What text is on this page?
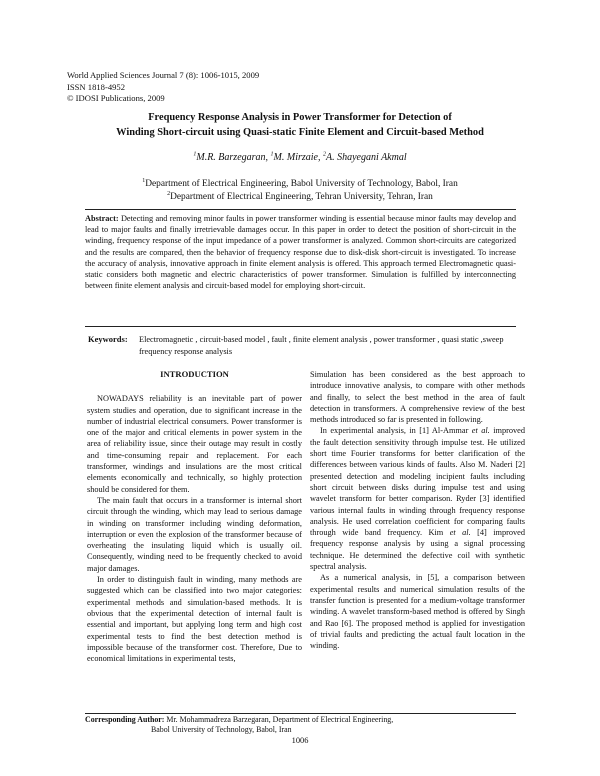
World Applied Sciences Journal 7 (8): 1006-1015, 2009
ISSN 1818-4952
© IDOSI Publications, 2009
Frequency Response Analysis in Power Transformer for Detection of
Winding Short-circuit using Quasi-static Finite Element and Circuit-based Method
$^1$M.R. Barzegaran, $^1$M. Mirzaie, $^2$A. Shayegani Akmal
$^1$Department of Electrical Engineering, Babol University of Technology, Babol, Iran
$^2$Department of Electrical Engineering, Tehran University, Tehran, Iran
Abstract: Detecting and removing minor faults in power transformer winding is essential because minor faults may develop and lead to major faults and finally irretrievable damages occur. In this paper in order to detect the position of short-circuit in the winding, frequency response of the input impedance of a power transformer is analyzed. Common short-circuits are categorized and the results are compared, then the behavior of frequency response due to disk-disk short-circuit is investigated. To increase the accuracy of analysis, innovative approach in finite element analysis is offered. This approach termed Electromagnetic quasi-static considers both magnetic and electric characteristics of power transformer. Simulation is fulfilled by interconnecting between finite element analysis and circuit-based model for employing short-circuit.
Keywords: Electromagnetic , circuit-based model , fault , finite element analysis , power transformer , quasi static ,sweep frequency response analysis
INTRODUCTION

NOWADAYS reliability is an inevitable part of power system studies and operation, due to significant increase in the number of industrial electrical consumers. Power transformer is one of the major and critical elements in power system in the area of reliability issue, since their outage may result in costly and time-consuming repair and replacement. For each transformer, windings and insulations are the most critical elements economically and technically, so highly protection should be considered for them.

The main fault that occurs in a transformer is internal short circuit through the winding, which may lead to serious damage in winding on transformer including winding deformation, interruption or even the explosion of the transformer because of overheating the insulating liquid which is usually oil. Consequently, winding need to be frequently checked to avoid major damages.

In order to distinguish fault in winding, many methods are suggested which can be classified into two major categories: experimental methods and simulation-based methods. It is obvious that the experimental detection of internal fault is essential and important, but applying long term and high cost experimental tests to find the best detection method is impossible because of the transformer cost. Therefore, Due to economical limitations in experimental tests,

Simulation has been considered as the best approach to introduce innovative analysis, to compare with other methods and finally, to select the best method in the area of fault detection in transformers. A comprehensive review of the best methods introduced so far is presented in following.

In experimental analysis, in [1] Al-Ammar et al. improved the fault detection sensitivity through impulse test. He utilized short time Fourier transforms for better clarification of the differences between various kinds of faults. Also M. Naderi [2] presented detection and modeling incipient faults including short circuit between disks during impulse test and using wavelet transform for better comparison. Ryder [3] identified various internal faults in winding through frequency response analysis. He used correlation coefficient for comparing faults through wide band frequency. Kim et al. [4] improved frequency response analysis by using a signal processing technique. He determined the defective coil with synthetic spectral analysis.

As a numerical analysis, in [5], a comparison between experimental results and numerical simulation results of the transfer function is presented for a medium-voltage transformer winding. A wavelet transform-based method is offered by Singh and Rao [6]. The proposed method is applied for investigation of trivial faults and predicting the actual fault location in the winding.

Corresponding Author: Mr. Mohammadreza Barzegaran, Department of Electrical Engineering,
Babol University of Technology, Babol, Iran
1006
